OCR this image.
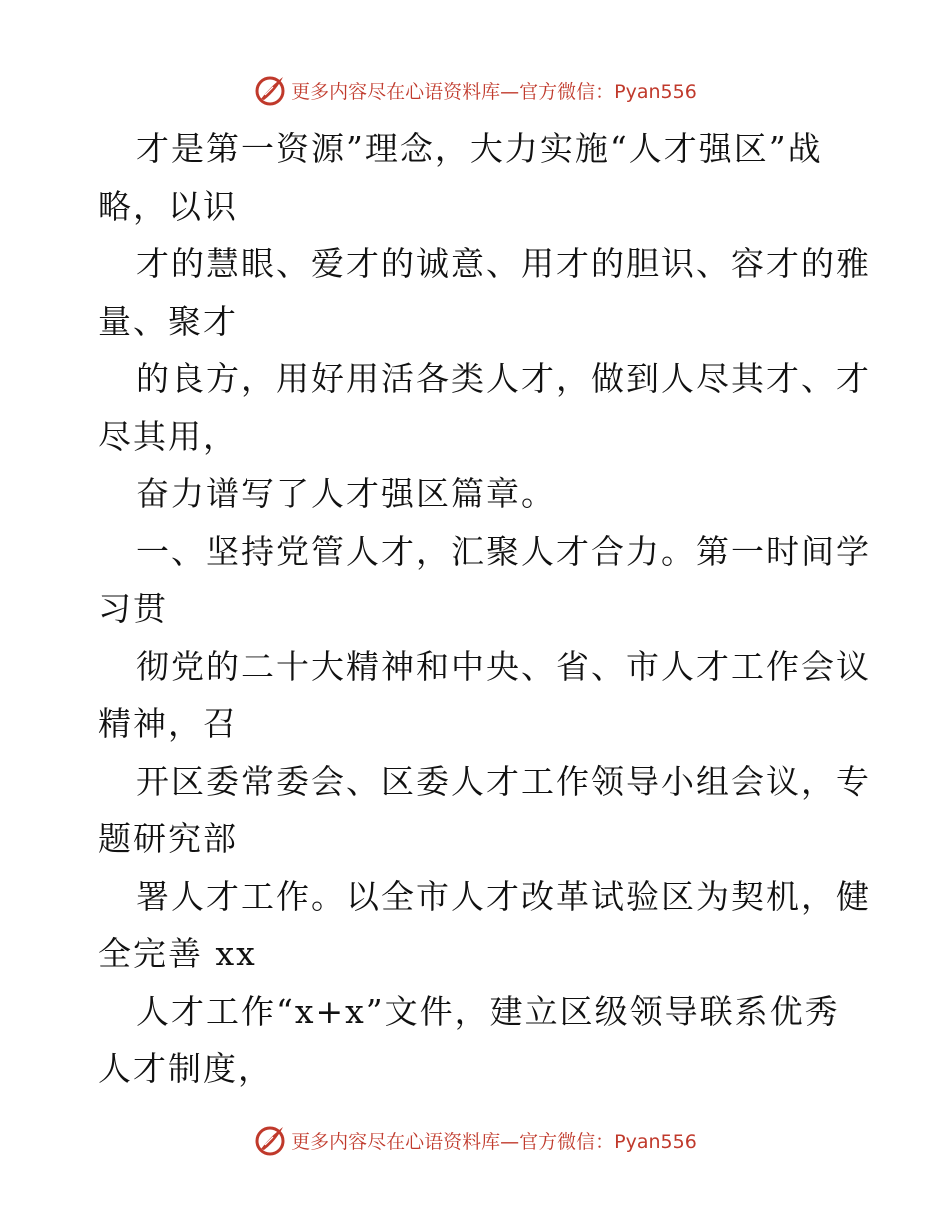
更多内容尽在心语资料库—官方微信：Pyan556

才是第一资源”理念，大力实施“人才强区”战
略，以识

才的慧眼、爱才的诚意、用才的胆识、容才的雅
量、聚才

的良方，用好用活各类人才，做到人尽其才、才
尽其用，

奋力谱写了人才强区篇章。

一、坚持党管人才，汇聚人才合力。第一时间学
习贯

彻党的二十大精神和中央、省、市人才工作会议
精神，召

开区委常委会、区委人才工作领导小组会议，专
题研究部

署人才工作。以全市人才改革试验区为契机，健
全完善 xx

人才工作“x+x”文件，建立区级领导联系优秀
人才制度，

更多内容尽在心语资料库—官方微信：Pyan556
